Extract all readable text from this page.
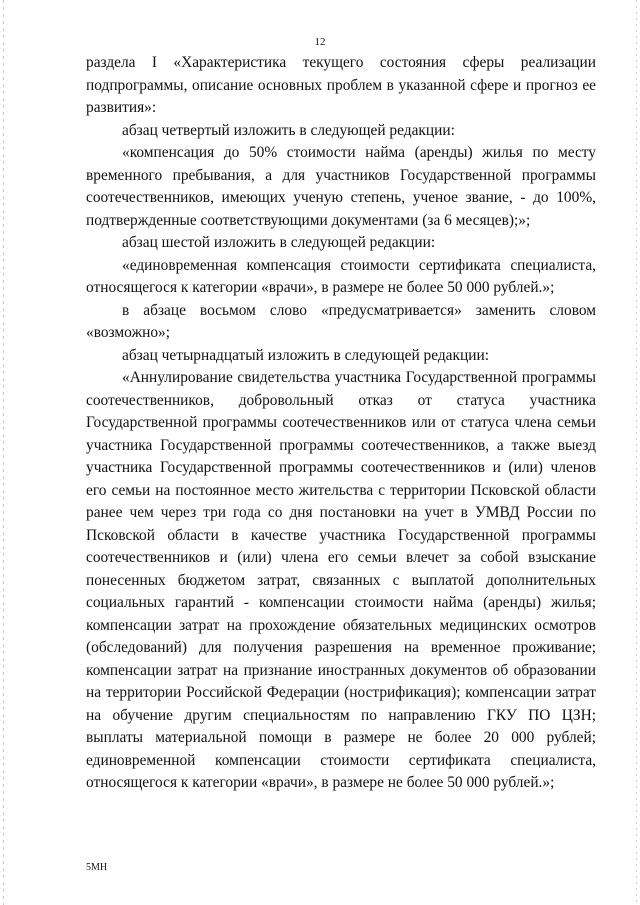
12

раздела I «Характеристика текущего состояния сферы реализации подпрограммы, описание основных проблем в указанной сфере и прогноз ее развития»:

абзац четвертый изложить в следующей редакции:

«компенсация до 50% стоимости найма (аренды) жилья по месту временного пребывания, а для участников Государственной программы соотечественников, имеющих ученую степень, ученое звание, - до 100%, подтвержденные соответствующими документами (за 6 месяцев);»;

абзац шестой изложить в следующей редакции:

«единовременная компенсация стоимости сертификата специалиста, относящегося к категории «врачи», в размере не более 50 000 рублей.»;

в абзаце восьмом слово «предусматривается» заменить словом «возможно»;

абзац четырнадцатый изложить в следующей редакции:

«Аннулирование свидетельства участника Государственной программы соотечественников, добровольный отказ от статуса участника Государственной программы соотечественников или от статуса члена семьи участника Государственной программы соотечественников, а также выезд участника Государственной программы соотечественников и (или) членов его семьи на постоянное место жительства с территории Псковской области ранее чем через три года со дня постановки на учет в УМВД России по Псковской области в качестве участника Государственной программы соотечественников и (или) члена его семьи влечет за собой взыскание понесенных бюджетом затрат, связанных с выплатой дополнительных социальных гарантий - компенсации стоимости найма (аренды) жилья; компенсации затрат на прохождение обязательных медицинских осмотров (обследований) для получения разрешения на временное проживание; компенсации затрат на признание иностранных документов об образовании на территории Российской Федерации (нострификация); компенсации затрат на обучение другим специальностям по направлению ГКУ ПО ЦЗН; выплаты материальной помощи в размере не более 20 000 рублей; единовременной компенсации стоимости сертификата специалиста, относящегося к категории «врачи», в размере не более 50 000 рублей.»;

5МН
